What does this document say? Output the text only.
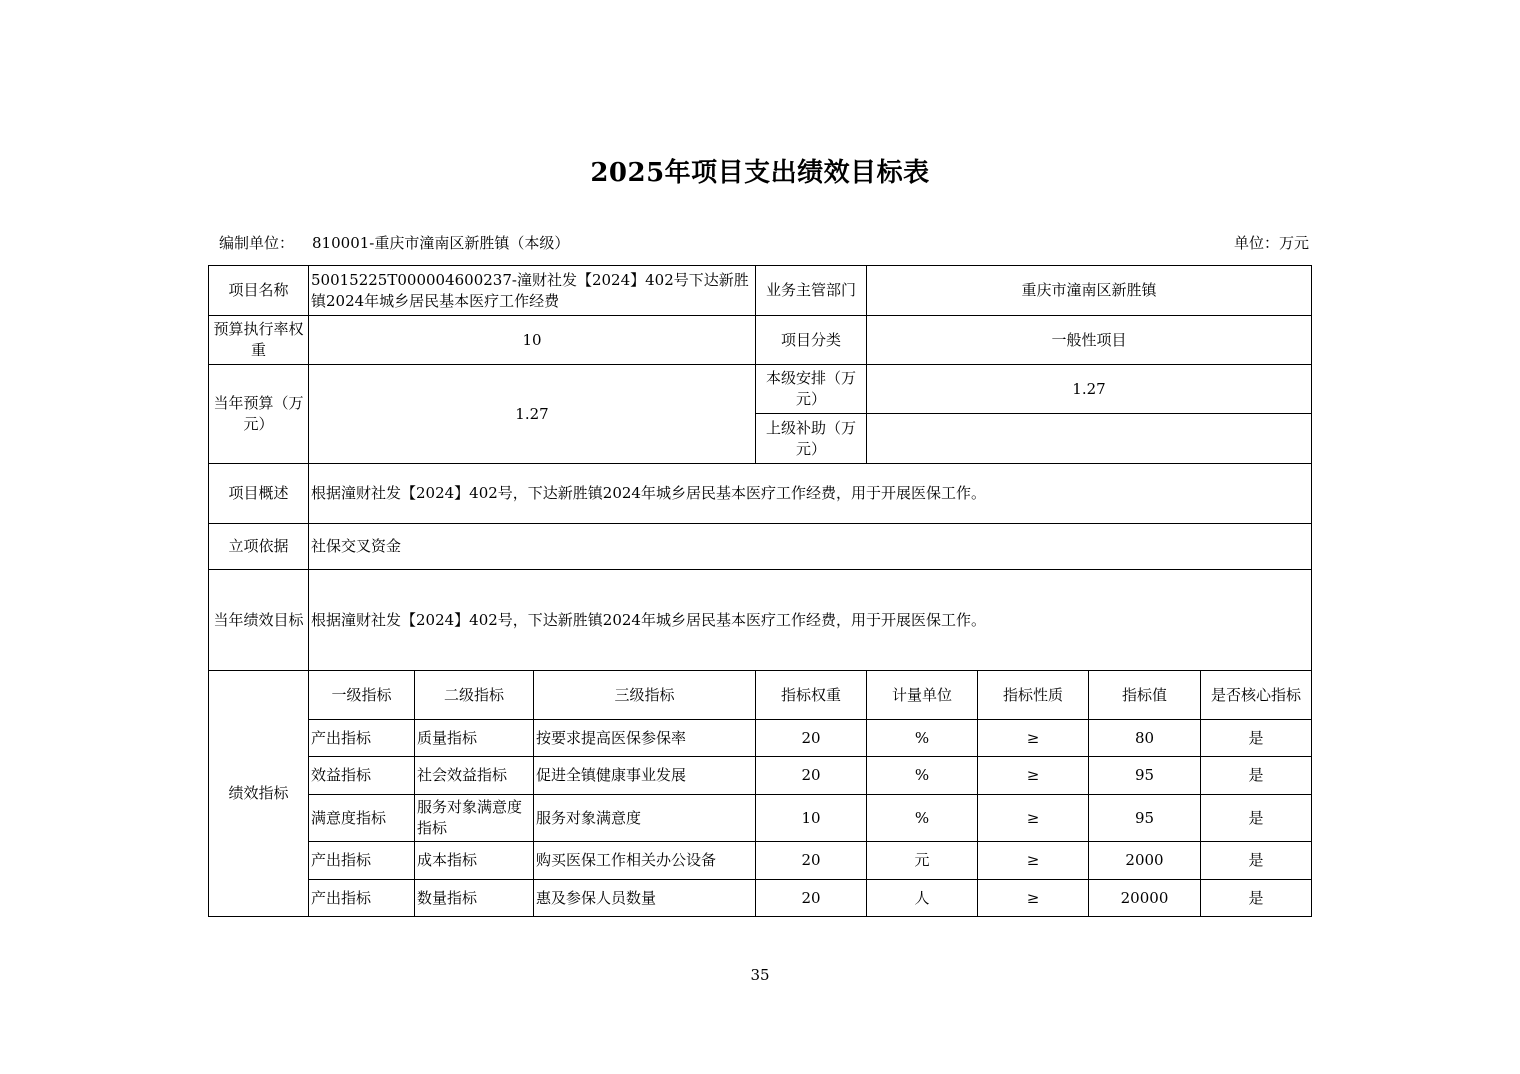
2025年项目支出绩效目标表
编制单位： 810001-重庆市潼南区新胜镇（本级）	单位：万元
项目名称	50015225T000004600237-潼财社发【2024】402号下达新胜镇2024年城乡居民基本医疗工作经费			业务主管部门	重庆市潼南区新胜镇			
预算执行率权重	10			项目分类	一般性项目			
当年预算（万元）	1.27			本级安排（万元）	1.27			
				上级补助（万元）				
项目概述	根据潼财社发【2024】402号，下达新胜镇2024年城乡居民基本医疗工作经费，用于开展医保工作。							
立项依据	社保交叉资金							
当年绩效目标	根据潼财社发【2024】402号，下达新胜镇2024年城乡居民基本医疗工作经费，用于开展医保工作。							
绩效指标	一级指标	二级指标	三级指标	指标权重	计量单位	指标性质	指标值	是否核心指标
	产出指标	质量指标	按要求提高医保参保率	20	%	≥	80	是
	效益指标	社会效益指标	促进全镇健康事业发展	20	%	≥	95	是
	满意度指标	服务对象满意度指标	服务对象满意度	10	%	≥	95	是
	产出指标	成本指标	购买医保工作相关办公设备	20	元	≥	2000	是
	产出指标	数量指标	惠及参保人员数量	20	人	≥	20000	是
35
